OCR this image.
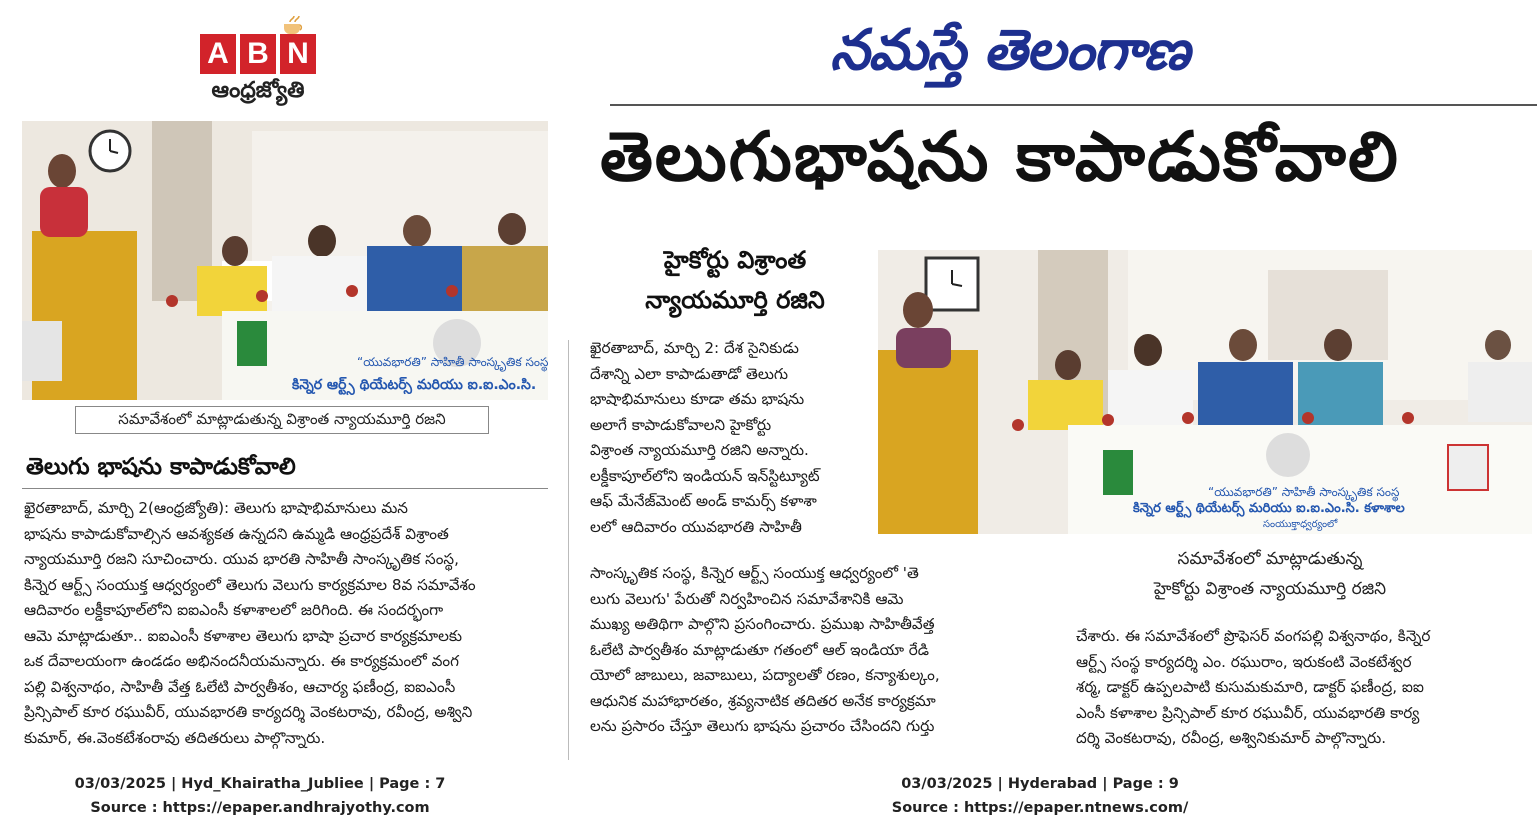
A B N
ఆంధ్రజ్యోతి
నమస్తే తెలంగాణ
తెలుగుభాషను కాపాడుకోవాలి
“యువభారతి” సాహితీ సాంస్కృతిక సంస్థ
కిన్నెర ఆర్ట్స్ థియేటర్స్ మరియు ఐ.ఐ.ఎం.సి.
సమావేశంలో మాట్లాడుతున్న విశ్రాంత న్యాయమూర్తి రజని
తెలుగు భాషను కాపాడుకోవాలి

ఖైరతాబాద్, మార్చి 2(ఆంధ్రజ్యోతి): తెలుగు భాషాభిమానులు మన

భాషను కాపాడుకోవాల్సిన ఆవశ్యకత ఉన్నదని ఉమ్మడి ఆంధ్రప్రదేశ్ విశ్రాంత

న్యాయమూర్తి రజని సూచించారు. యువ భారతి సాహితీ సాంస్కృతిక సంస్థ,

కిన్నెర ఆర్ట్స్ సంయుక్త ఆధ్వర్యంలో తెలుగు వెలుగు కార్యక్రమాల 8వ సమావేశం

ఆదివారం లక్డీకాపూల్‌లోని ఐఐఎంసీ కళాశాలలో జరిగింది. ఈ సందర్భంగా

ఆమె మాట్లాడుతూ.. ఐఐఎంసీ కళాశాల తెలుగు భాషా ప్రచార కార్యక్రమాలకు

ఒక దేవాలయంగా ఉండడం అభినందనీయమన్నారు. ఈ కార్యక్రమంలో వంగ

పల్లి విశ్వనాథం, సాహితీ వేత్త ఓలేటి పార్వతీశం, ఆచార్య ఫణీంద్ర, ఐఐఎంసీ

ప్రిన్సిపాల్ కూర రఘువీర్, యువభారతి కార్యదర్శి వెంకటరావు, రవీంద్ర, అశ్విని

కుమార్, ఈ.వెంకటేశంరావు తదితరులు పాల్గొన్నారు.

హైకోర్టు విశ్రాంత
న్యాయమూర్తి రజిని
“యువభారతి” సాహితీ సాంస్కృతిక సంస్థ
కిన్నెర ఆర్ట్స్ థియేటర్స్ మరియు ఐ.ఐ.ఎం.సి. కళాశాల
సంయుక్తాధ్వర్యంలో

ఖైరతాబాద్, మార్చి 2: దేశ సైనికుడు

దేశాన్ని ఎలా కాపాడుతాడో తెలుగు

భాషాభిమానులు కూడా తమ భాషను

అలాగే కాపాడుకోవాలని హైకోర్టు

విశ్రాంత న్యాయమూర్తి రజిని అన్నారు.

లక్డీకాపూల్‌లోని ఇండియన్ ఇన్‌స్టిట్యూట్

ఆఫ్ మేనేజ్‌మెంట్ అండ్ కామర్స్ కళాశా

లలో ఆదివారం యువభారతి సాహితీ

సాంస్కృతిక సంస్థ, కిన్నెర ఆర్ట్స్ సంయుక్త ఆధ్వర్యంలో 'తె

లుగు వెలుగు' పేరుతో నిర్వహించిన సమావేశానికి ఆమె

ముఖ్య అతిథిగా పాల్గొని ప్రసంగించారు. ప్రముఖ సాహితీవేత్త

ఓలేటి పార్వతీశం మాట్లాడుతూ గతంలో ఆల్ ఇండియా రేడి

యోలో జాబులు, జవాబులు, పద్యాలతో రణం, కన్యాశుల్కం,

ఆధునిక మహాభారతం, శ్రవ్యనాటిక తదితర అనేక కార్యక్రమా

లను ప్రసారం చేస్తూ తెలుగు భాషను ప్రచారం చేసిందని గుర్తు

సమావేశంలో మాట్లాడుతున్న
హైకోర్టు విశ్రాంత న్యాయమూర్తి రజిని

చేశారు. ఈ సమావేశంలో ప్రొఫెసర్ వంగపల్లి విశ్వనాథం, కిన్నెర

ఆర్ట్స్ సంస్థ కార్యదర్శి ఎం. రఘురాం, ఇరుకంటి వెంకటేశ్వర

శర్మ, డాక్టర్ ఉప్పలపాటి కుసుమకుమారి, డాక్టర్ ఫణీంద్ర, ఐఐ

ఎంసీ కళాశాల ప్రిన్సిపాల్ కూర రఘువీర్, యువభారతి కార్య

దర్శి వెంకటరావు, రవీంద్ర, అశ్వినికుమార్ పాల్గొన్నారు.

03/03/2025 | Hyd_Khairatha_Jubliee | Page : 7
Source : https://epaper.andhrajyothy.com
03/03/2025 | Hyderabad | Page : 9
Source : https://epaper.ntnews.com/
